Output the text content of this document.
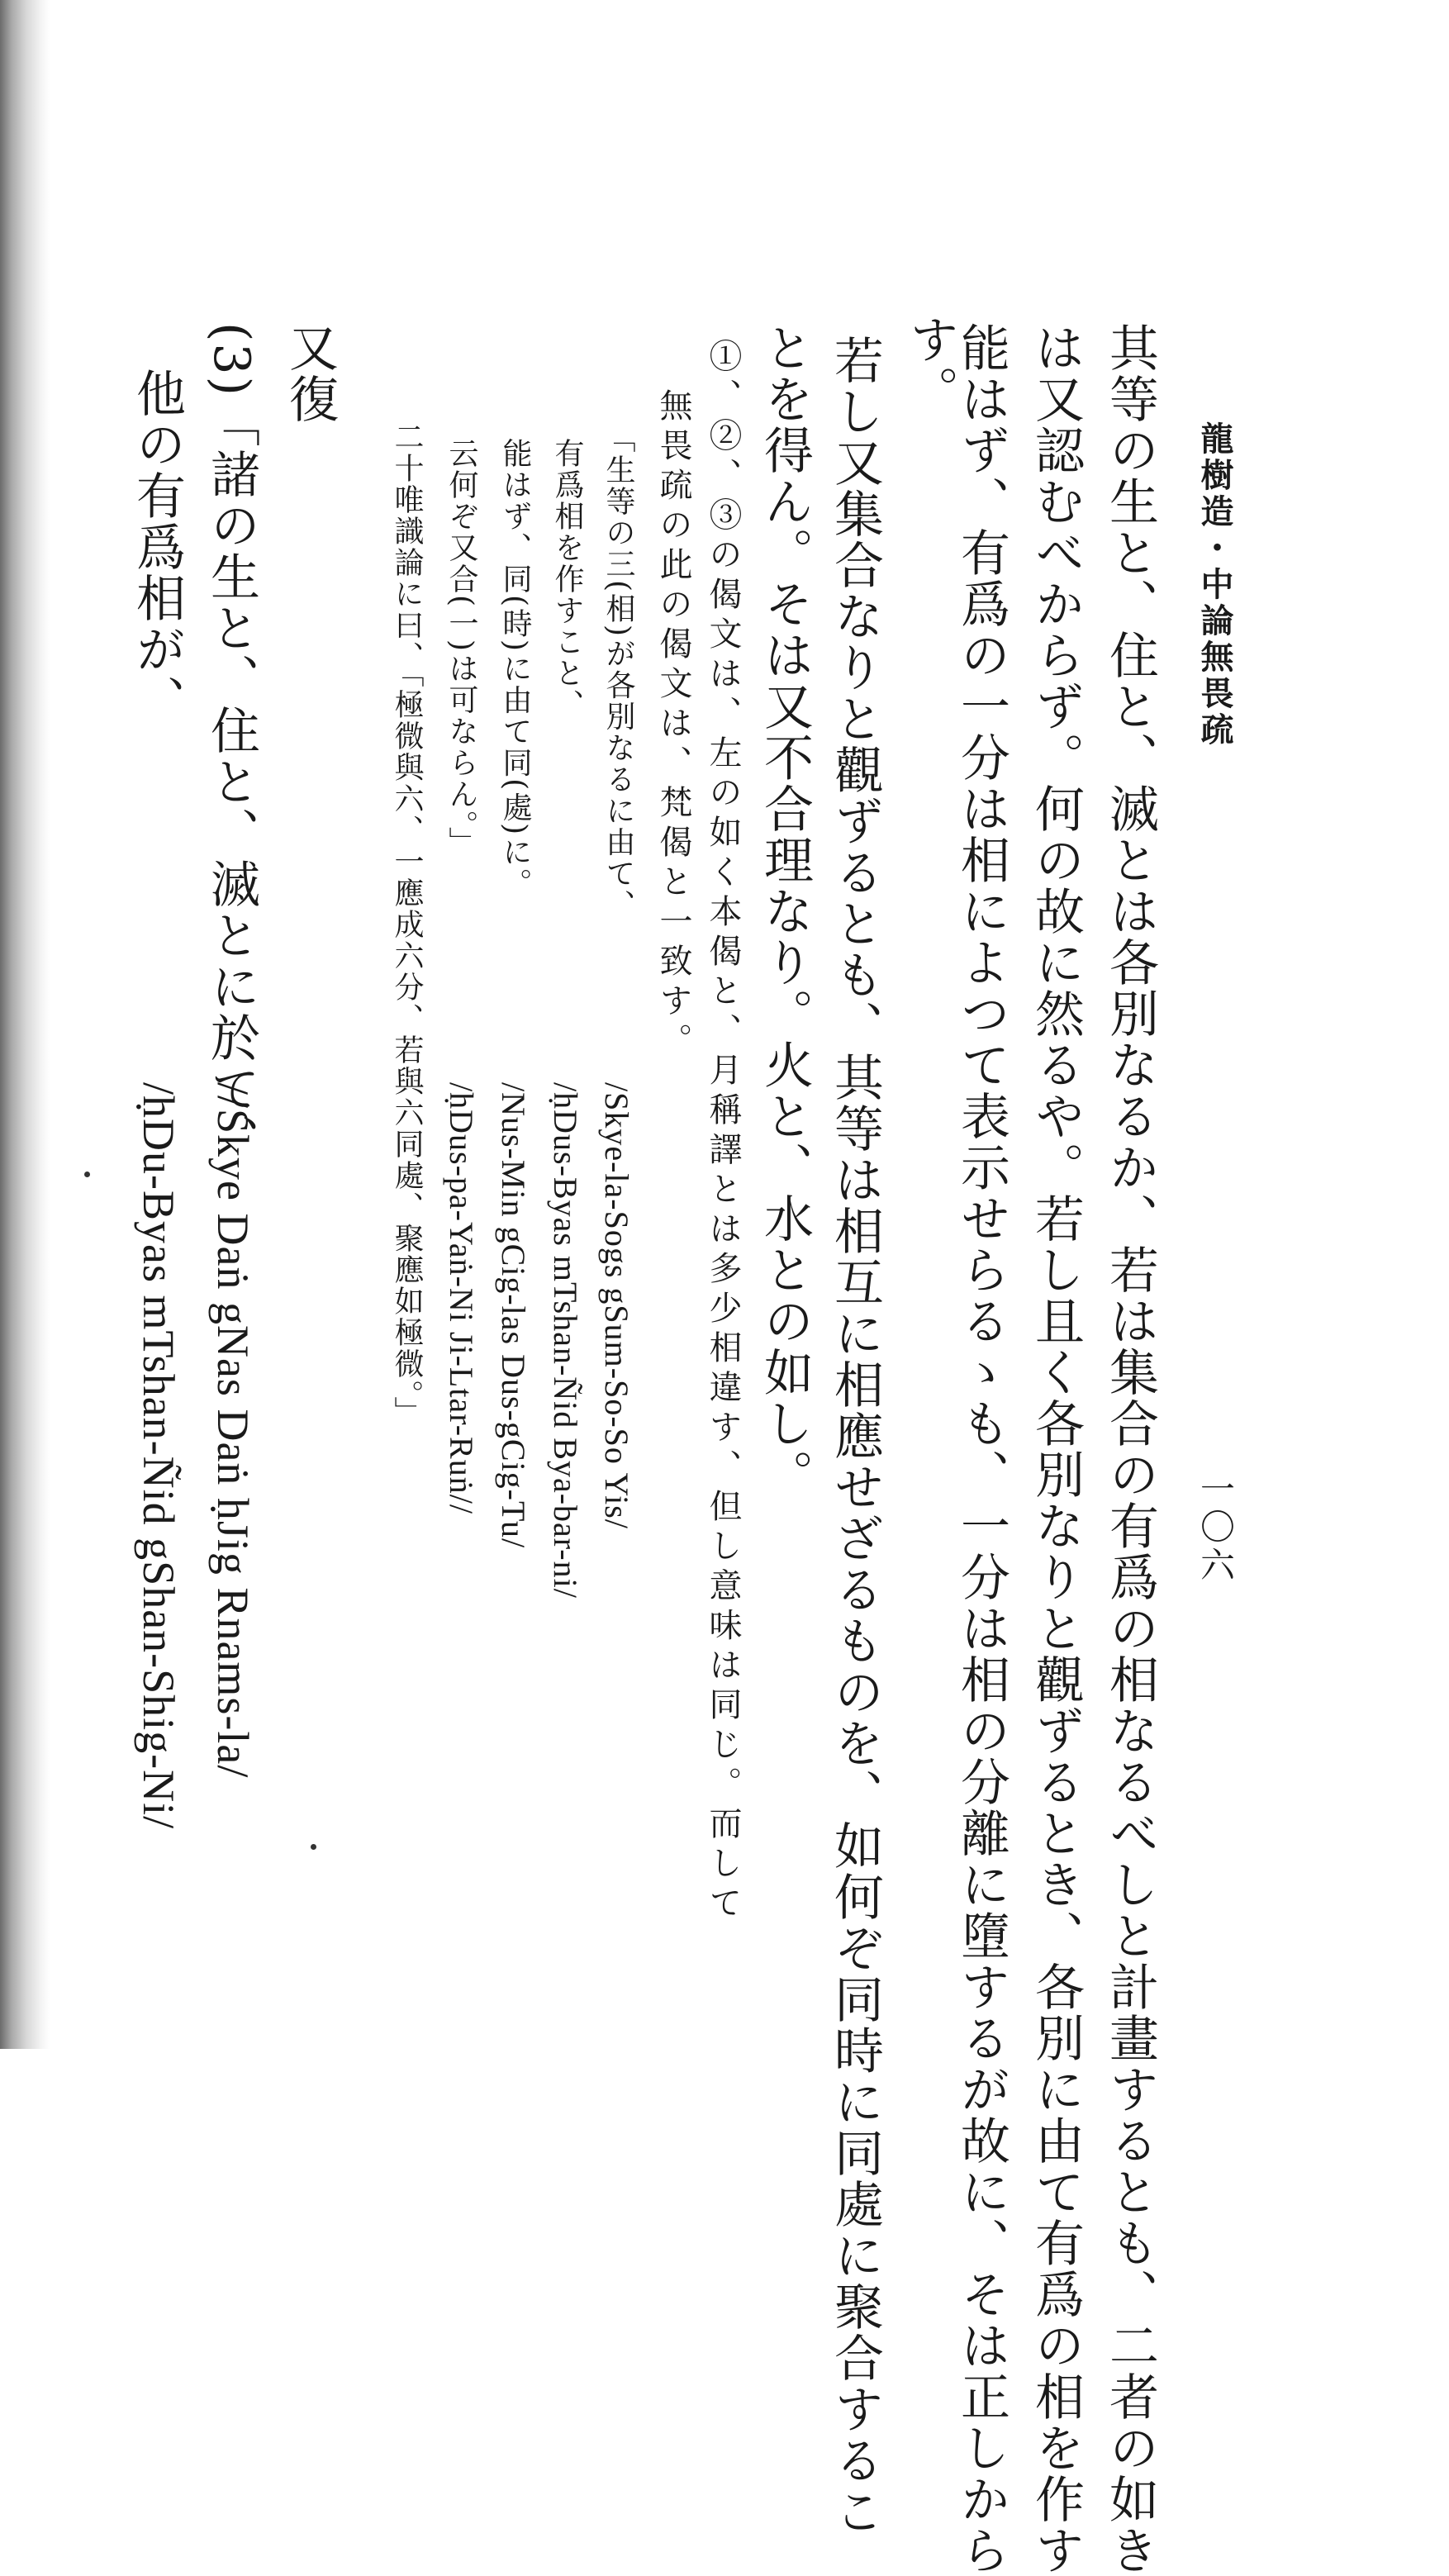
龍樹造・中論無畏疏
一〇六
其等の生と、住と、滅とは各別なるか、若は集合の有爲の相なるべしと計畫するとも、二者の如き
は又認むべからず。何の故に然るや。若し且く各別なりと觀ずるとき、各別に由て有爲の相を作す
能はず、有爲の一分は相によつて表示せらるゝも、一分は相の分離に墮するが故に、そは正しから
す。
若し又集合なりと觀ずるとも、其等は相互に相應せざるものを、如何ぞ同時に同處に聚合するこ
とを得ん。そは又不合理なり。火と、水との如し。
①、②、③の偈文は、左の如く本偈と、月稱譯とは多少相違す、但し意味は同じ。而して
無畏疏の此の偈文は、梵偈と一致す。
「生等の三(相)が各別なるに由て、
有爲相を作すこと、
能はず、同(時)に由て同(處)に。
云何ぞ又合(一)は可ならん。」
/Skye-la-Sogs gSum-So-So Yis/
/ḥDus-Byas mTshan-Ñid Bya-bar-ni/
/Nus-Min gCig-las Dus-gCig-Tu/
/ḥDus-pa-Yaṅ-Ni Ji-Ltar-Ruṅ//
二十唯識論に曰、「極微與六、一應成六分、若與六同處、聚應如極微。」
又復
(3)「諸の生と、住と、滅とに於て、
他の有爲相が、
//Skye Daṅ gNas Daṅ ḥJig Rnams-la/
/ḥDu-Byas mTshan-Ñid gShan-Shig-Ni/
